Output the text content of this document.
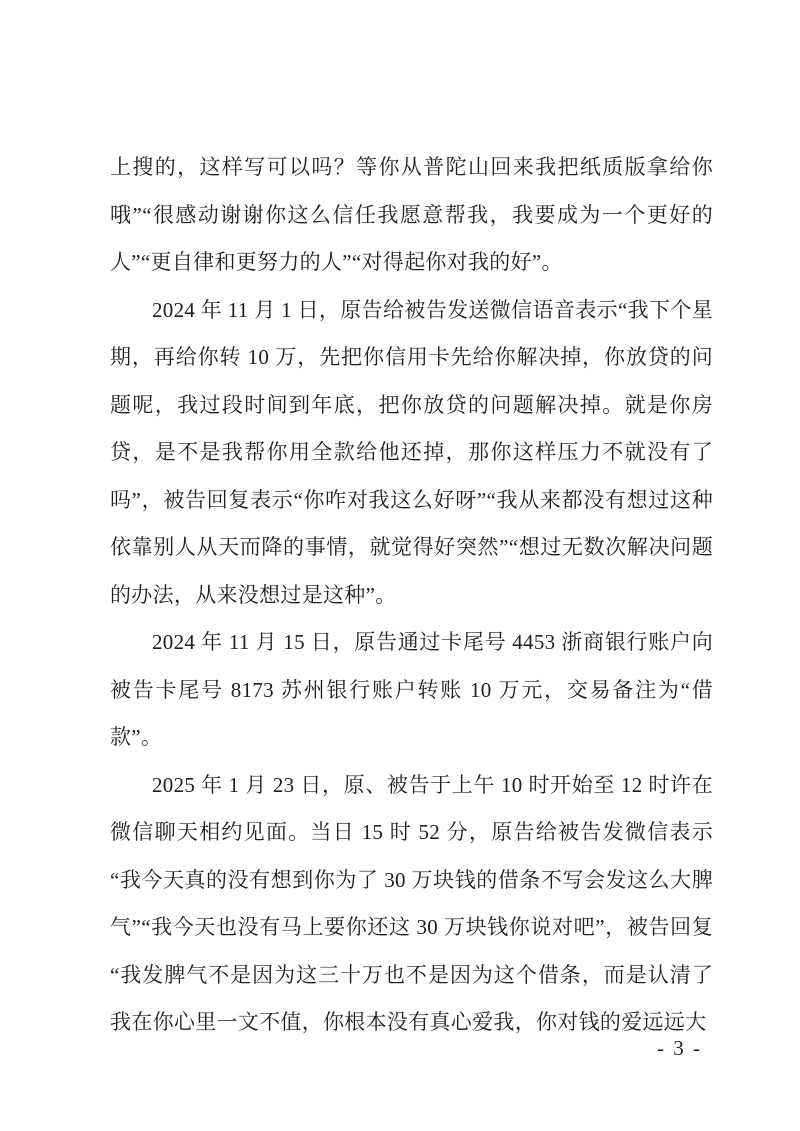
上搜的，这样写可以吗？等你从普陀山回来我把纸质版拿给你哦”“很感动谢谢你这么信任我愿意帮我，我要成为一个更好的人”“更自律和更努力的人”“对得起你对我的好”。

2024 年 11 月 1 日，原告给被告发送微信语音表示“我下个星期，再给你转 10 万，先把你信用卡先给你解决掉，你放贷的问题呢，我过段时间到年底，把你放贷的问题解决掉。就是你房贷，是不是我帮你用全款给他还掉，那你这样压力不就没有了吗”，被告回复表示“你咋对我这么好呀”“我从来都没有想过这种依靠别人从天而降的事情，就觉得好突然”“想过无数次解决问题的办法，从来没想过是这种”。

2024 年 11 月 15 日，原告通过卡尾号 4453 浙商银行账户向被告卡尾号 8173 苏州银行账户转账 10 万元，交易备注为“借款”。

2025 年 1 月 23 日，原、被告于上午 10 时开始至 12 时许在微信聊天相约见面。当日 15 时 52 分，原告给被告发微信表示“我今天真的没有想到你为了 30 万块钱的借条不写会发这么大脾气”“我今天也没有马上要你还这 30 万块钱你说对吧”，被告回复“我发脾气不是因为这三十万也不是因为这个借条，而是认清了我在你心里一文不值，你根本没有真心爱我，你对钱的爱远远大

- 3 -
